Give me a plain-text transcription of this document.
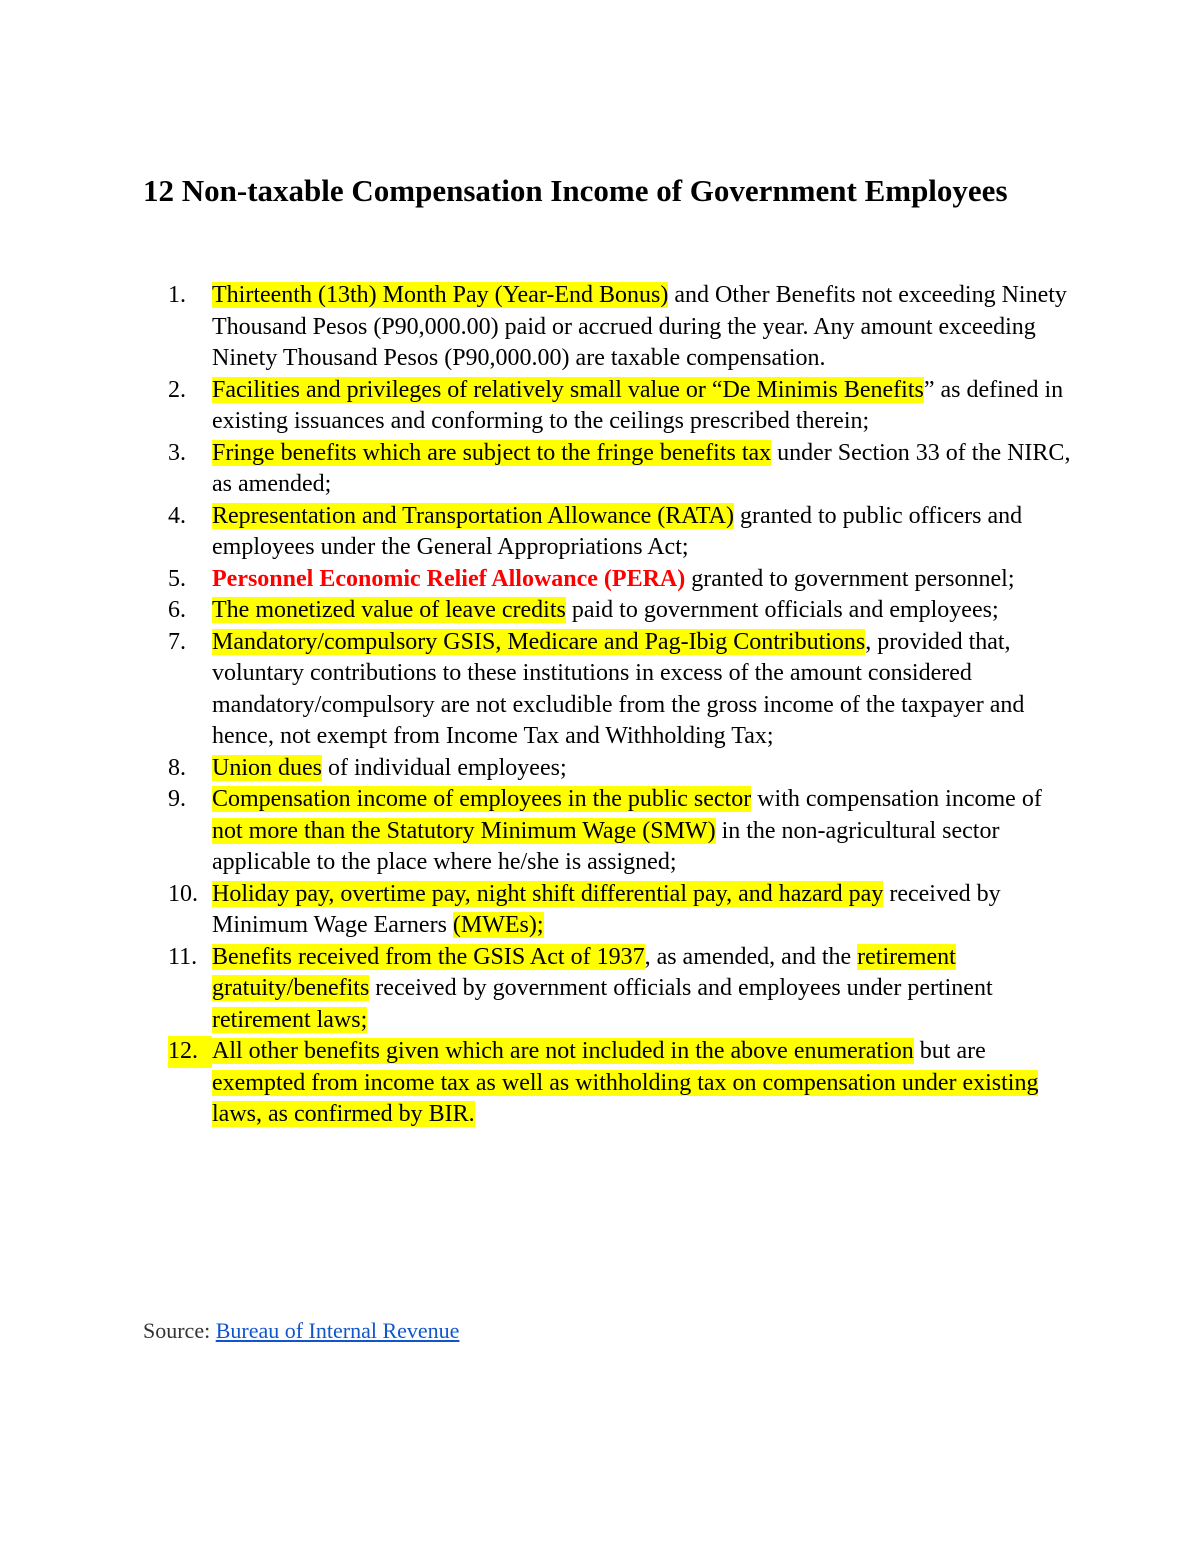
12 Non-taxable Compensation Income of Government Employees
1.	Thirteenth (13th) Month Pay (Year-End Bonus) and Other Benefits not exceeding Ninety Thousand Pesos (P90,000.00) paid or accrued during the year. Any amount exceeding Ninety Thousand Pesos (P90,000.00) are taxable compensation.
2.	Facilities and privileges of relatively small value or “De Minimis Benefits” as defined in existing issuances and conforming to the ceilings prescribed therein;
3.	Fringe benefits which are subject to the fringe benefits tax under Section 33 of the NIRC, as amended;
4.	Representation and Transportation Allowance (RATA) granted to public officers and employees under the General Appropriations Act;
5.	Personnel Economic Relief Allowance (PERA) granted to government personnel;
6.	The monetized value of leave credits paid to government officials and employees;
7.	Mandatory/compulsory GSIS, Medicare and Pag-Ibig Contributions, provided that, voluntary contributions to these institutions in excess of the amount considered mandatory/compulsory are not excludible from the gross income of the taxpayer and hence, not exempt from Income Tax and Withholding Tax;
8.	Union dues of individual employees;
9.	Compensation income of employees in the public sector with compensation income of not more than the Statutory Minimum Wage (SMW) in the non-agricultural sector applicable to the place where he/she is assigned;
10. Holiday pay, overtime pay, night shift differential pay, and hazard pay received by Minimum Wage Earners (MWEs);
11. Benefits received from the GSIS Act of 1937, as amended, and the retirement gratuity/benefits received by government officials and employees under pertinent retirement laws;
12. All other benefits given which are not included in the above enumeration but are exempted from income tax as well as withholding tax on compensation under existing laws, as confirmed by BIR.

Source: Bureau of Internal Revenue
